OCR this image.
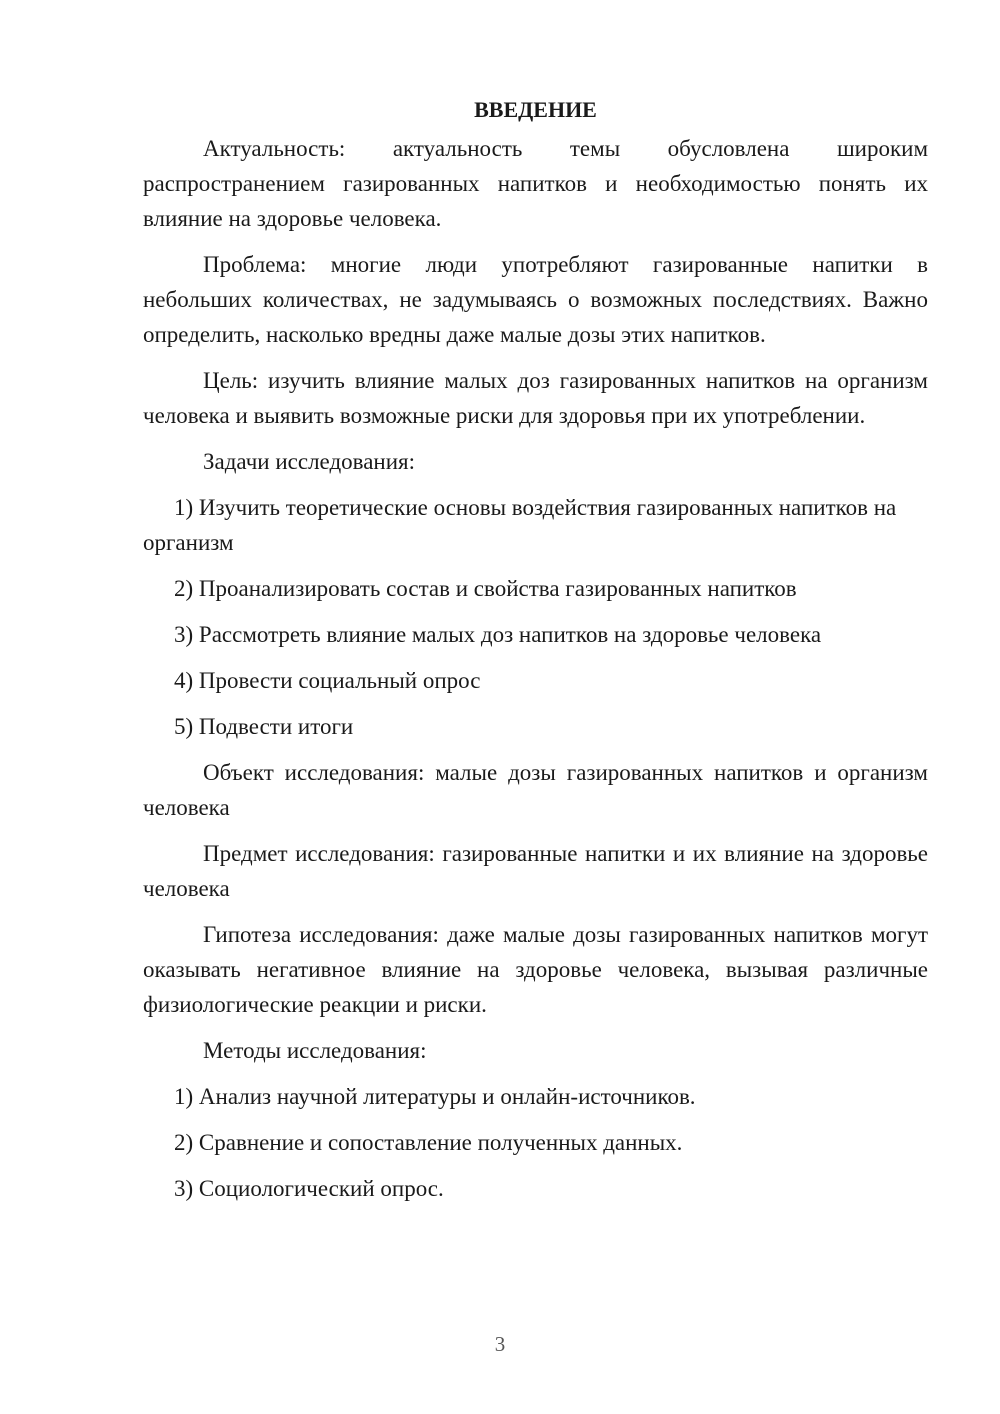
ВВЕДЕНИЕ

Актуальность: актуальность темы обусловлена широким распространением газированных напитков и необходимостью понять их влияние на здоровье человека.

Проблема: многие люди употребляют газированные напитки в небольших количествах, не задумываясь о возможных последствиях. Важно определить, насколько вредны даже малые дозы этих напитков.

Цель: изучить влияние малых доз газированных напитков на организм человека и выявить возможные риски для здоровья при их употреблении.

Задачи исследования:

1) Изучить теоретические основы воздействия газированных напитков на организм

2) Проанализировать состав и свойства газированных напитков

3) Рассмотреть влияние малых доз напитков на здоровье человека

4) Провести социальный опрос

5) Подвести итоги

Объект исследования: малые дозы газированных напитков и организм человека

Предмет исследования: газированные напитки и их влияние на здоровье человека

Гипотеза исследования: даже малые дозы газированных напитков могут оказывать негативное влияние на здоровье человека, вызывая различные физиологические реакции и риски.

Методы исследования:

1) Анализ научной литературы и онлайн-источников.

2) Сравнение и сопоставление полученных данных.

3) Социологический опрос.

3
